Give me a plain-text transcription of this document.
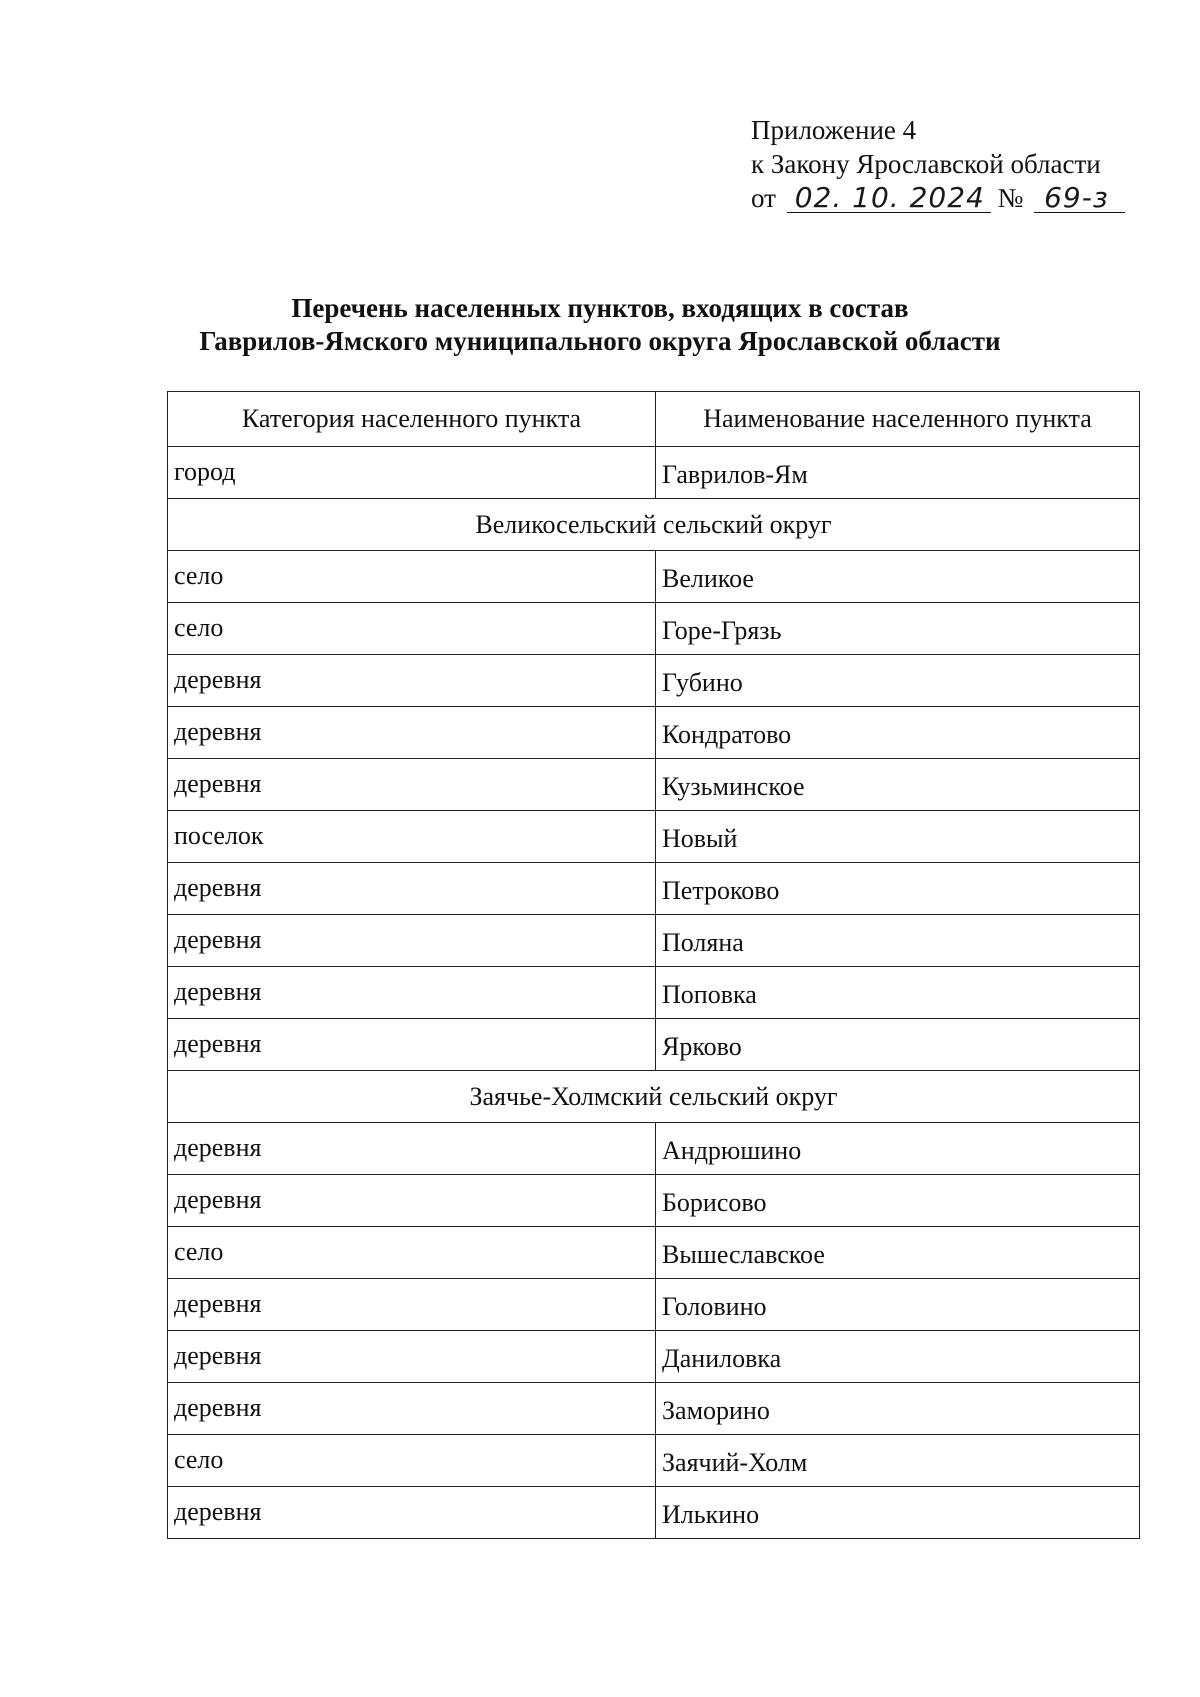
Приложение 4
к Закону Ярославской области
от 02. 10. 2024 № 69-з
Перечень населенных пунктов, входящих в состав
Гаврилов-Ямского муниципального округа Ярославской области
Категория населенного пункта	Наименование населенного пункта
город	Гаврилов-Ям
Великосельский сельский округ	
село	Великое
село	Горе-Грязь
деревня	Губино
деревня	Кондратово
деревня	Кузьминское
поселок	Новый
деревня	Петроково
деревня	Поляна
деревня	Поповка
деревня	Ярково
Заячье-Холмский сельский округ	
деревня	Андрюшино
деревня	Борисово
село	Вышеславское
деревня	Головино
деревня	Даниловка
деревня	Заморино
село	Заячий-Холм
деревня	Илькино
